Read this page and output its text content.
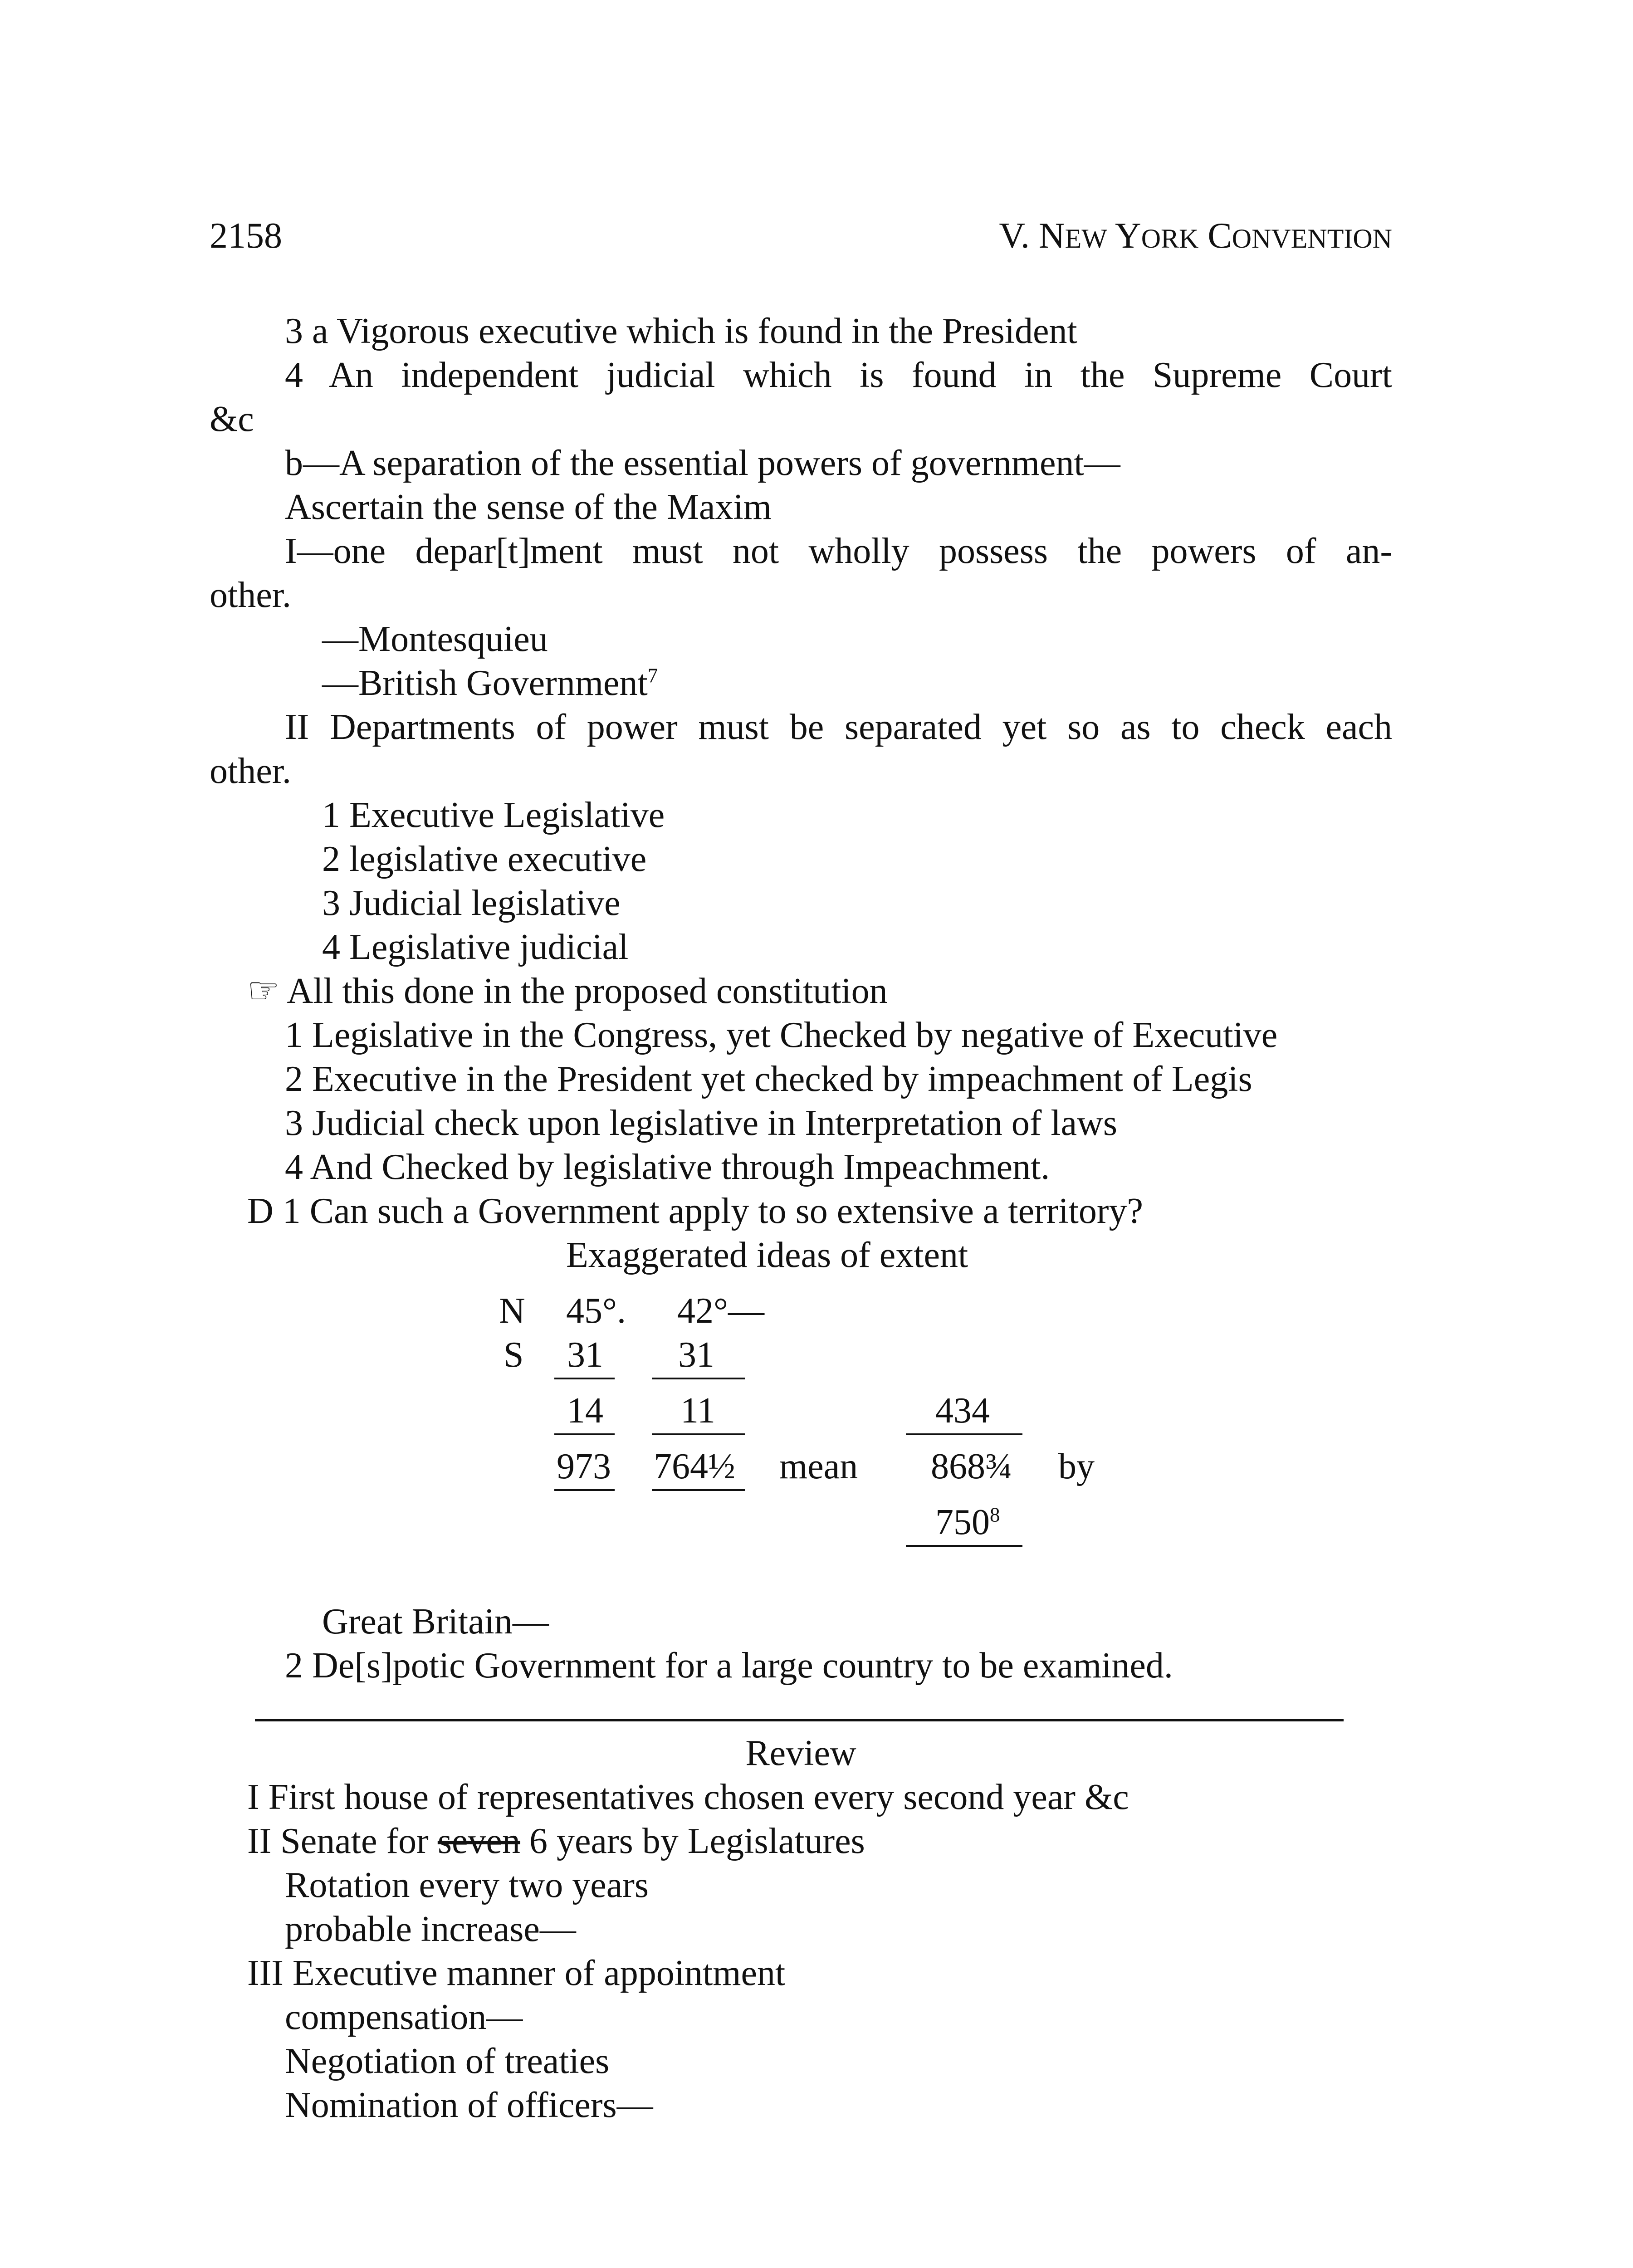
2158	V. NEW YORK CONVENTION
3 a Vigorous executive which is found in the President
4 An independent judicial which is found in the Supreme Court
&c
b—A separation of the essential powers of government—
Ascertain the sense of the Maxim
I—one depar[t]ment must not wholly possess the powers of an-
other.
—Montesquieu
—British Government$^7$
II Departments of power must be separated yet so as to check each
other.
1 Executive Legislative
2 legislative executive
3 Judicial legislative
4 Legislative judicial
☞ All this done in the proposed constitution
1 Legislative in the Congress, yet Checked by negative of Executive
2 Executive in the President yet checked by impeachment of Legis
3 Judicial check upon legislative in Interpretation of laws
4 And Checked by legislative through Impeachment.
D 1 Can such a Government apply to so extensive a territory?
Exaggerated ideas of extent
N 45°. 42°—
S 31 31
14 11	434
973 764½ mean 868¾ by
$750^8$
Great Britain—
2 De[s]potic Government for a large country to be examined.
Review
I First house of representatives chosen every second year &c
II Senate for seven 6 years by Legislatures
Rotation every two years
probable increase—
III Executive manner of appointment
compensation—
Negotiation of treaties
Nomination of officers—
